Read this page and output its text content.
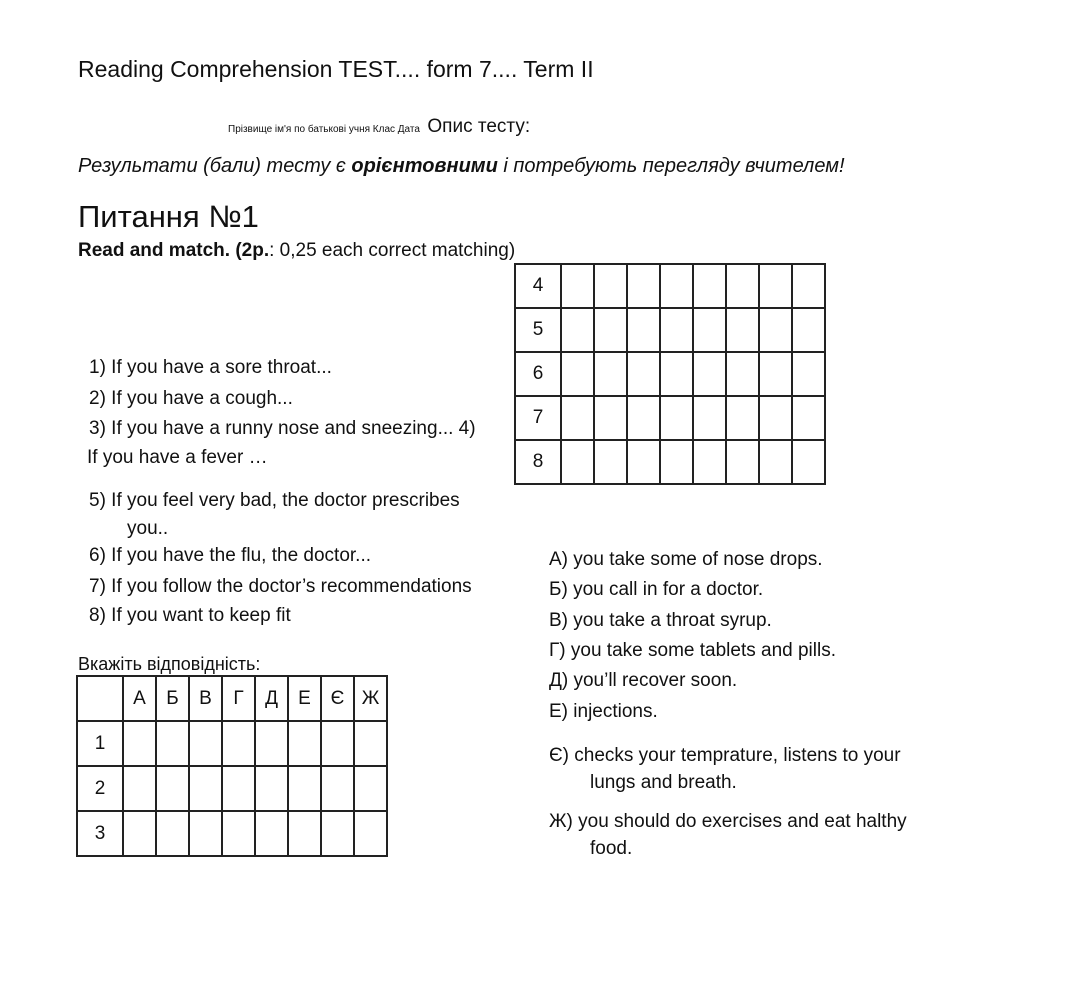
Reading Comprehension TEST.... form 7.... Term II
Прізвище ім'я по батькові учня Клас Дата Опис тесту:
Результати (бали) тесту є орієнтовними і потребують перегляду вчителем!
Питання №1
Read and match. (2р.: 0,25 each correct matching)
1) If you have a sore throat...
2) If you have a cough...
3) If you have a runny nose and sneezing... 4)
If you have a fever …
5) If you feel very bad, the doctor prescribes
you..
6) If you have the flu, the doctor...
7) If you follow the doctor’s recommendations
8) If you want to keep fit
А) you take some of nose drops.
Б) you call in for a doctor.
В) you take a throat syrup.
Г) you take some tablets and pills.
Д) you’ll recover soon.
Е) injections.
Є) checks your temprature, listens to your
lungs and breath.
Ж) you should do exercises and eat halthy
food.
4								
5								
6								
7								
8								
Вкажіть відповідність:
	А	Б	В	Г	Д	Е	Є	Ж
1								
2								
3								
